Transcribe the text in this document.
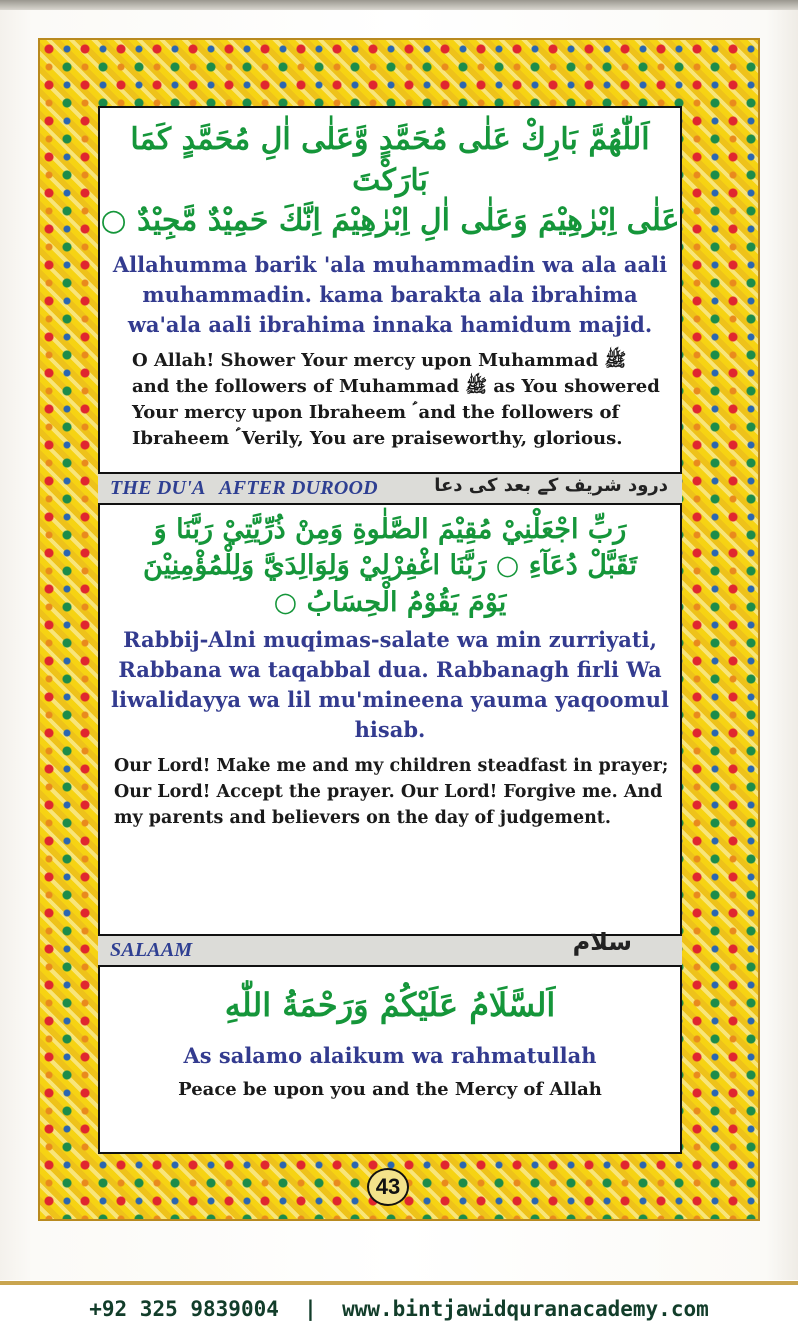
اَللّٰهُمَّ بَارِكْ عَلٰى مُحَمَّدٍ وَّعَلٰى اٰلِ مُحَمَّدٍ كَمَا بَارَكْتَ
عَلٰى اِبْرٰهِيْمَ وَعَلٰى اٰلِ اِبْرٰهِيْمَ اِنَّكَ حَمِيْدٌ مَّجِيْدٌ ○
Allahumma barik 'ala muhammadin wa ala aali
muhammadin. kama barakta ala ibrahima
wa'ala aali ibrahima innaka hamidum majid.
O Allah! Shower Your mercy upon Muhammad ﷺ
and the followers of Muhammad ﷺ as You showered
Your mercy upon Ibraheem ؑ and the followers of
Ibraheem ؑ Verily, You are praiseworthy, glorious.
THE DU'A   AFTER DUROOD	درود شریف کے بعد کی دعا
رَبِّ اجْعَلْنِيْ مُقِيْمَ الصَّلٰوةِ وَمِنْ ذُرِّيَّتِيْ رَبَّنَا وَ
تَقَبَّلْ دُعَآءِ ○ رَبَّنَا اغْفِرْلِيْ وَلِوَالِدَيَّ وَلِلْمُؤْمِنِيْنَ
يَوْمَ يَقُوْمُ الْحِسَابُ ○
Rabbij-Alni muqimas-salate wa min zurriyati,
Rabbana wa taqabbal dua. Rabbanagh firli Wa
liwalidayya wa lil mu'mineena yauma yaqoomul
hisab.
Our Lord! Make me and my children steadfast in prayer;
Our Lord! Accept the prayer. Our Lord! Forgive me. And
my parents and believers on the day of judgement.
SALAAM	سلام
اَلسَّلَامُ عَلَيْكُمْ وَرَحْمَةُ اللّٰهِ
As salamo alaikum wa rahmatullah
Peace be upon you and the Mercy of Allah
43
+92 325 9839004  |  www.bintjawidquranacademy.com
